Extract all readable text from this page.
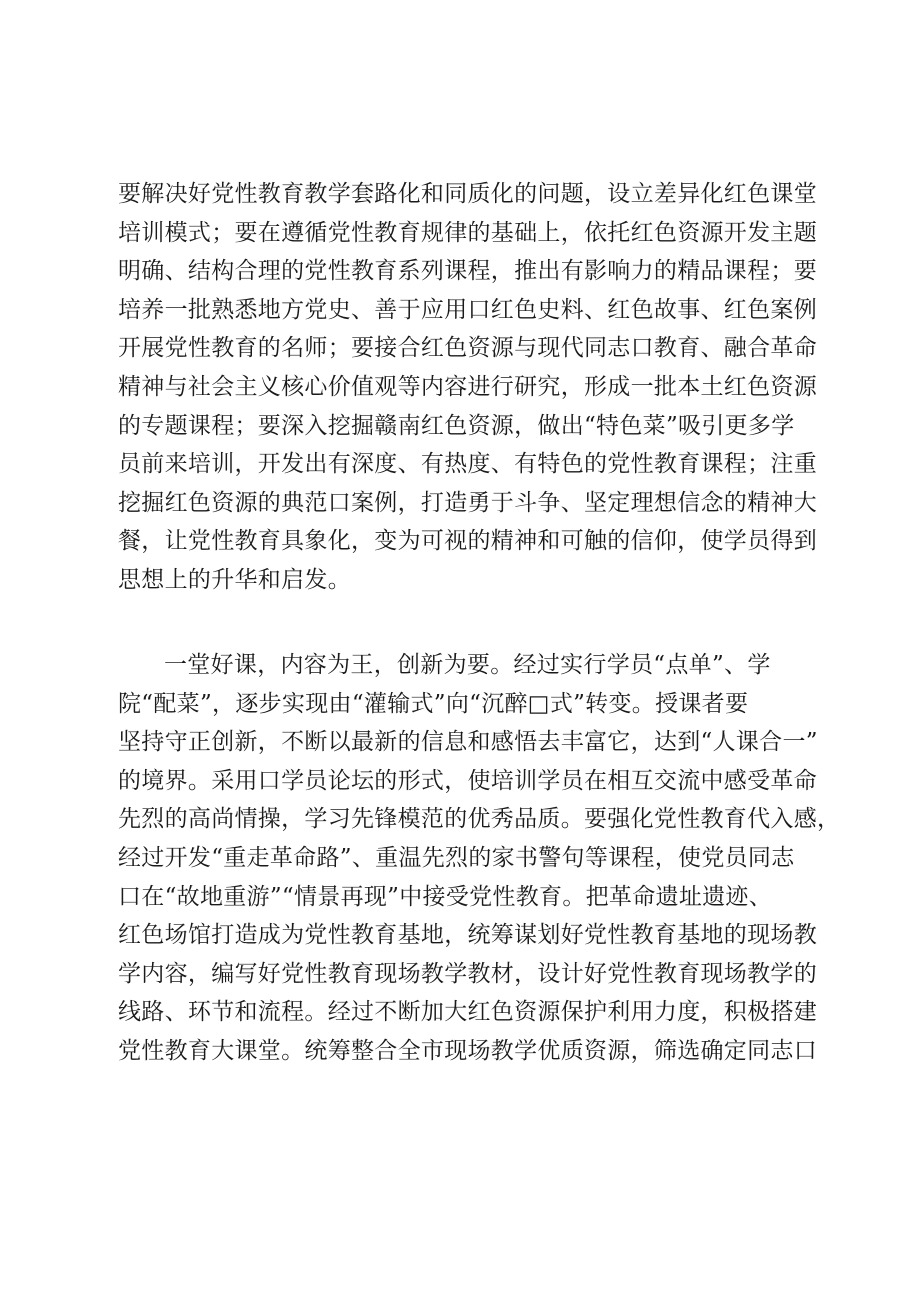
要解决好党性教育教学套路化和同质化的问题，设立差异化红色课堂
培训模式；要在遵循党性教育规律的基础上，依托红色资源开发主题
明确、结构合理的党性教育系列课程，推出有影响力的精品课程；要
培养一批熟悉地方党史、善于应用口红色史料、红色故事、红色案例
开展党性教育的名师；要接合红色资源与现代同志口教育、融合革命
精神与社会主义核心价值观等内容进行研究，形成一批本土红色资源
的专题课程；要深入挖掘赣南红色资源，做出“特色菜”吸引更多学
员前来培训，开发出有深度、有热度、有特色的党性教育课程；注重
挖掘红色资源的典范口案例，打造勇于斗争、坚定理想信念的精神大
餐，让党性教育具象化，变为可视的精神和可触的信仰，使学员得到
思想上的升华和启发。
一堂好课，内容为王，创新为要。经过实行学员“点单”、学
院“配菜”，逐步实现由“灌输式”向“沉醉□式”转变。授课者要
坚持守正创新，不断以最新的信息和感悟去丰富它，达到“人课合一”
的境界。采用口学员论坛的形式，使培训学员在相互交流中感受革命
先烈的高尚情操，学习先锋模范的优秀品质。要强化党性教育代入感，
经过开发“重走革命路”、重温先烈的家书警句等课程，使党员同志
口在“故地重游”“情景再现”中接受党性教育。把革命遗址遗迹、
红色场馆打造成为党性教育基地，统筹谋划好党性教育基地的现场教
学内容，编写好党性教育现场教学教材，设计好党性教育现场教学的
线路、环节和流程。经过不断加大红色资源保护利用力度，积极搭建
党性教育大课堂。统筹整合全市现场教学优质资源，筛选确定同志口
